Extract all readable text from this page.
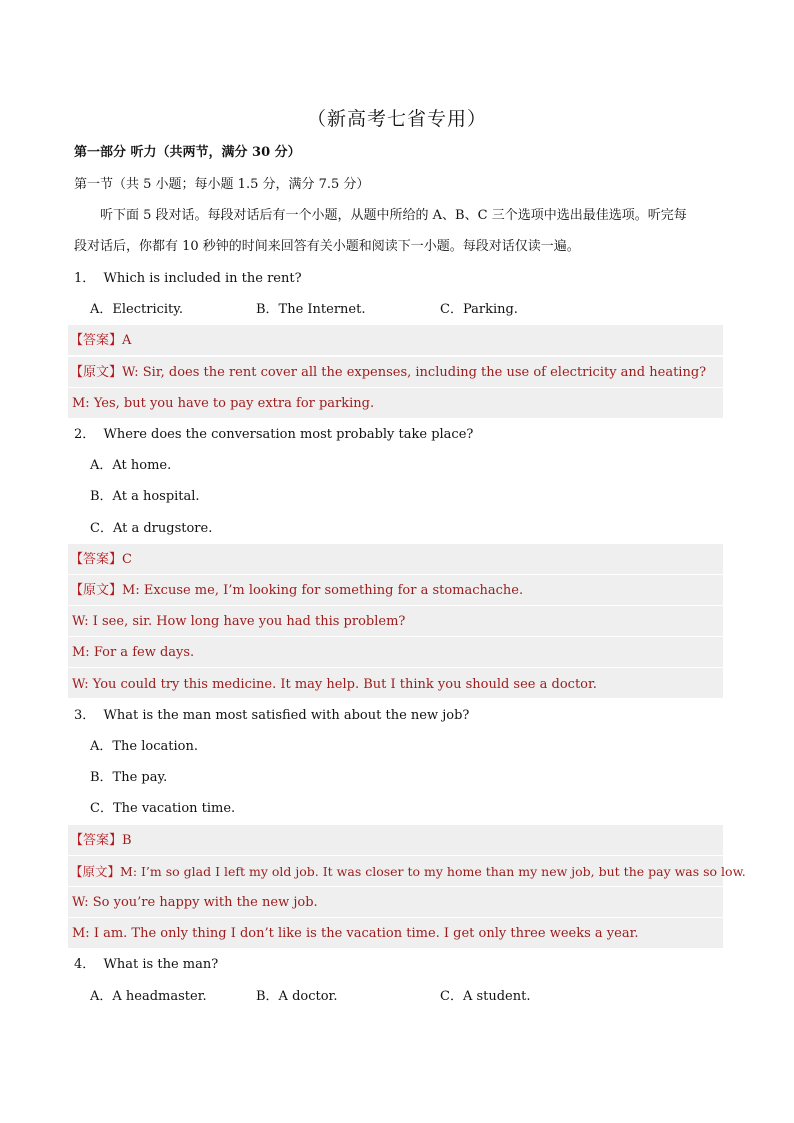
（新高考七省专用）
第一部分 听力（共两节，满分 30 分）
第一节（共 5 小题；每小题 1.5 分，满分 7.5 分）
听下面 5 段对话。每段对话后有一个小题，从题中所给的 A、B、C 三个选项中选出最佳选项。听完每
段对话后，你都有 10 秒钟的时间来回答有关小题和阅读下一小题。每段对话仅读一遍。
1． Which is included in the rent?
A．Electricity.	B．The Internet.	C．Parking.
【答案】A
【原文】W: Sir, does the rent cover all the expenses, including the use of electricity and heating?
M: Yes, but you have to pay extra for parking.
2． Where does the conversation most probably take place?
A．At home.
B．At a hospital.
C．At a drugstore.
【答案】C
【原文】M: Excuse me, I’m looking for something for a stomachache.
W: I see, sir. How long have you had this problem?
M: For a few days.
W: You could try this medicine. It may help. But I think you should see a doctor.
3． What is the man most satisfied with about the new job?
A．The location.
B．The pay.
C．The vacation time.
【答案】B
【原文】M: I’m so glad I left my old job. It was closer to my home than my new job, but the pay was so low.
W: So you’re happy with the new job.
M: I am. The only thing I don’t like is the vacation time. I get only three weeks a year.
4． What is the man?
A．A headmaster.	B．A doctor.	C．A student.
